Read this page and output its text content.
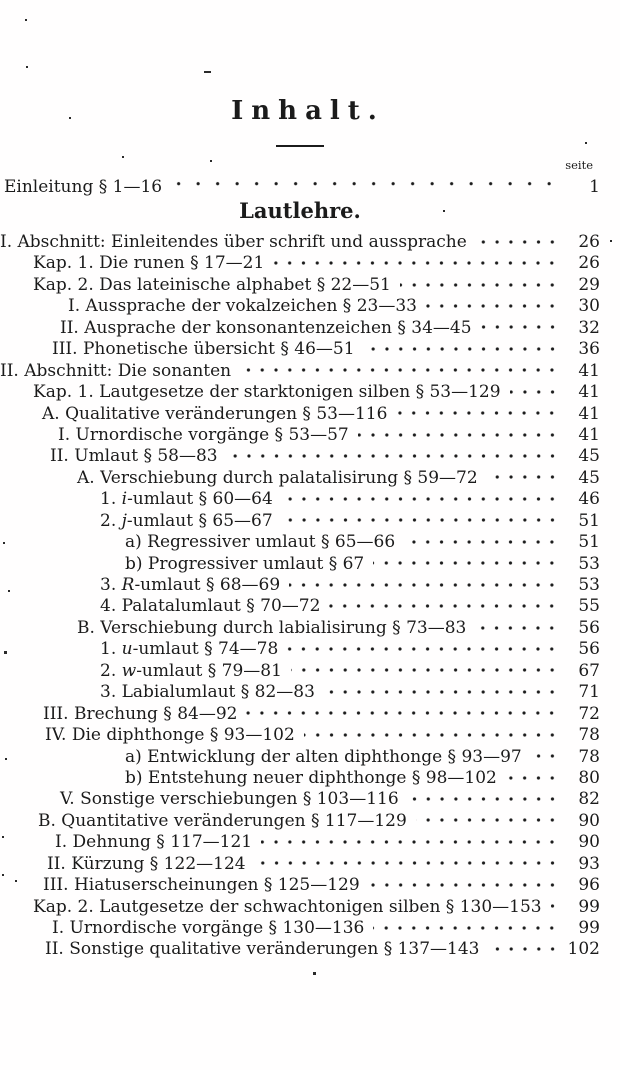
Inhalt.
seite
Einleitung § 1—16	1
Lautlehre.
I. Abschnitt: Einleitendes über schrift und aussprache	26
Kap. 1. Die runen § 17—21	26
Kap. 2. Das lateinische alphabet § 22—51	29
I. Aussprache der vokalzeichen § 23—33	30
II. Ausprache der konsonantenzeichen § 34—45	32
III. Phonetische übersicht § 46—51	36
II. Abschnitt: Die sonanten	41
Kap. 1. Lautgesetze der starktonigen silben § 53—129	41
A. Qualitative veränderungen § 53—116	41
I. Urnordische vorgänge § 53—57	41
II. Umlaut § 58—83	45
A. Verschiebung durch palatalisirung § 59—72	45
1. i-umlaut § 60—64	46
2. j-umlaut § 65—67	51
a) Regressiver umlaut § 65—66	51
b) Progressiver umlaut § 67	53
3. R-umlaut § 68—69	53
4. Palatalumlaut § 70—72	55
B. Verschiebung durch labialisirung § 73—83	56
1. u-umlaut § 74—78	56
2. w-umlaut § 79—81	67
3. Labialumlaut § 82—83	71
III. Brechung § 84—92	72
IV. Die diphthonge § 93—102	78
a) Entwicklung der alten diphthonge § 93—97	78
b) Entstehung neuer diphthonge § 98—102	80
V. Sonstige verschiebungen § 103—116	82
B. Quantitative veränderungen § 117—129	90
I. Dehnung § 117—121	90
II. Kürzung § 122—124	93
III. Hiatuserscheinungen § 125—129	96
Kap. 2. Lautgesetze der schwachtonigen silben § 130—153	99
I. Urnordische vorgänge § 130—136	99
II. Sonstige qualitative veränderungen § 137—143	102
